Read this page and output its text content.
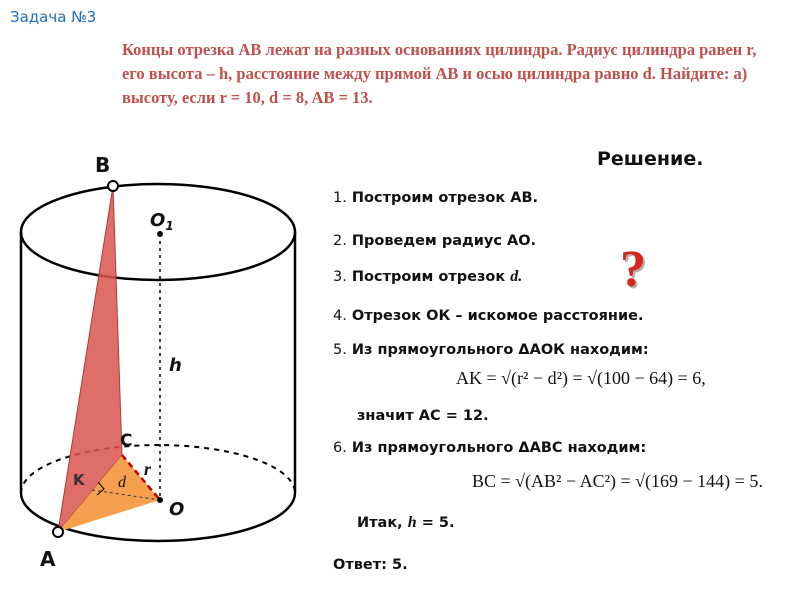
Задача №3
Концы отрезка AB лежат на разных основаниях цилиндра. Радиус цилиндра равен r, его высота – h, расстояние между прямой AB и осью цилиндра равно d. Найдите: а) высоту, если r = 10, d = 8, AB = 13.
Решение.
1. Построим отрезок АВ.
2. Проведем радиус АО.
3. Построим отрезок d.
4. Отрезок ОК – искомое расстояние.
5. Из прямоугольного ΔАОК находим:
AK = √(r² − d²) = √(100 − 64) = 6,
значит АС = 12.
6. Из прямоугольного ΔАВС находим:
BC = √(AB² − AC²) = √(169 − 144) = 5.
Итак, h = 5.
Ответ: 5.
?
B
A
C
K
O
$O_1$
h
r
d
